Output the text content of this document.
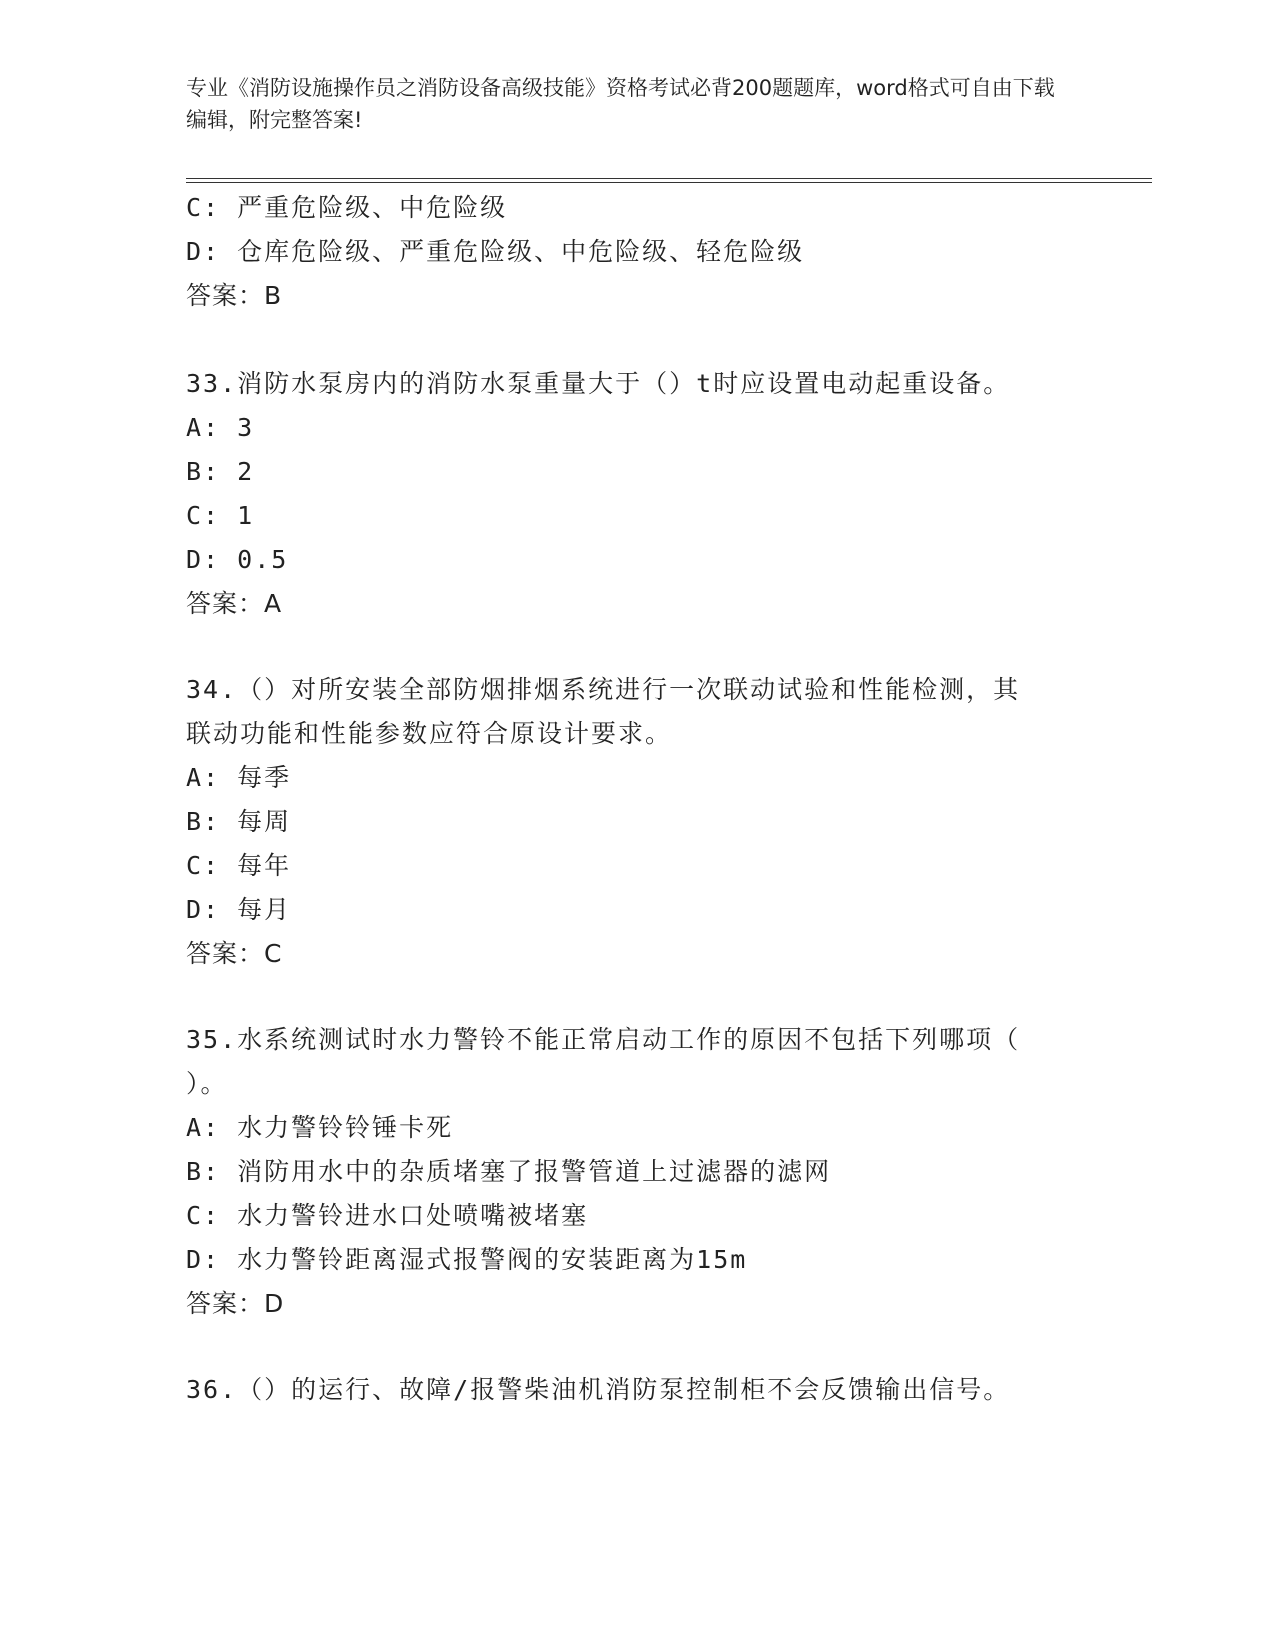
专业《消防设施操作员之消防设备高级技能》资格考试必背200题题库，word格式可自由下载编辑，附完整答案!
C: 严重危险级、中危险级
D: 仓库危险级、严重危险级、中危险级、轻危险级
答案：B
33.消防水泵房内的消防水泵重量大于（）t时应设置电动起重设备。
A: 3
B: 2
C: 1
D: 0.5
答案：A
34.（）对所安装全部防烟排烟系统进行一次联动试验和性能检测，其
联动功能和性能参数应符合原设计要求。
A: 每季
B: 每周
C: 每年
D: 每月
答案：C
35.水系统测试时水力警铃不能正常启动工作的原因不包括下列哪项（
）。
A: 水力警铃铃锤卡死
B: 消防用水中的杂质堵塞了报警管道上过滤器的滤网
C: 水力警铃进水口处喷嘴被堵塞
D: 水力警铃距离湿式报警阀的安装距离为15m
答案：D
36.（）的运行、故障/报警柴油机消防泵控制柜不会反馈输出信号。
